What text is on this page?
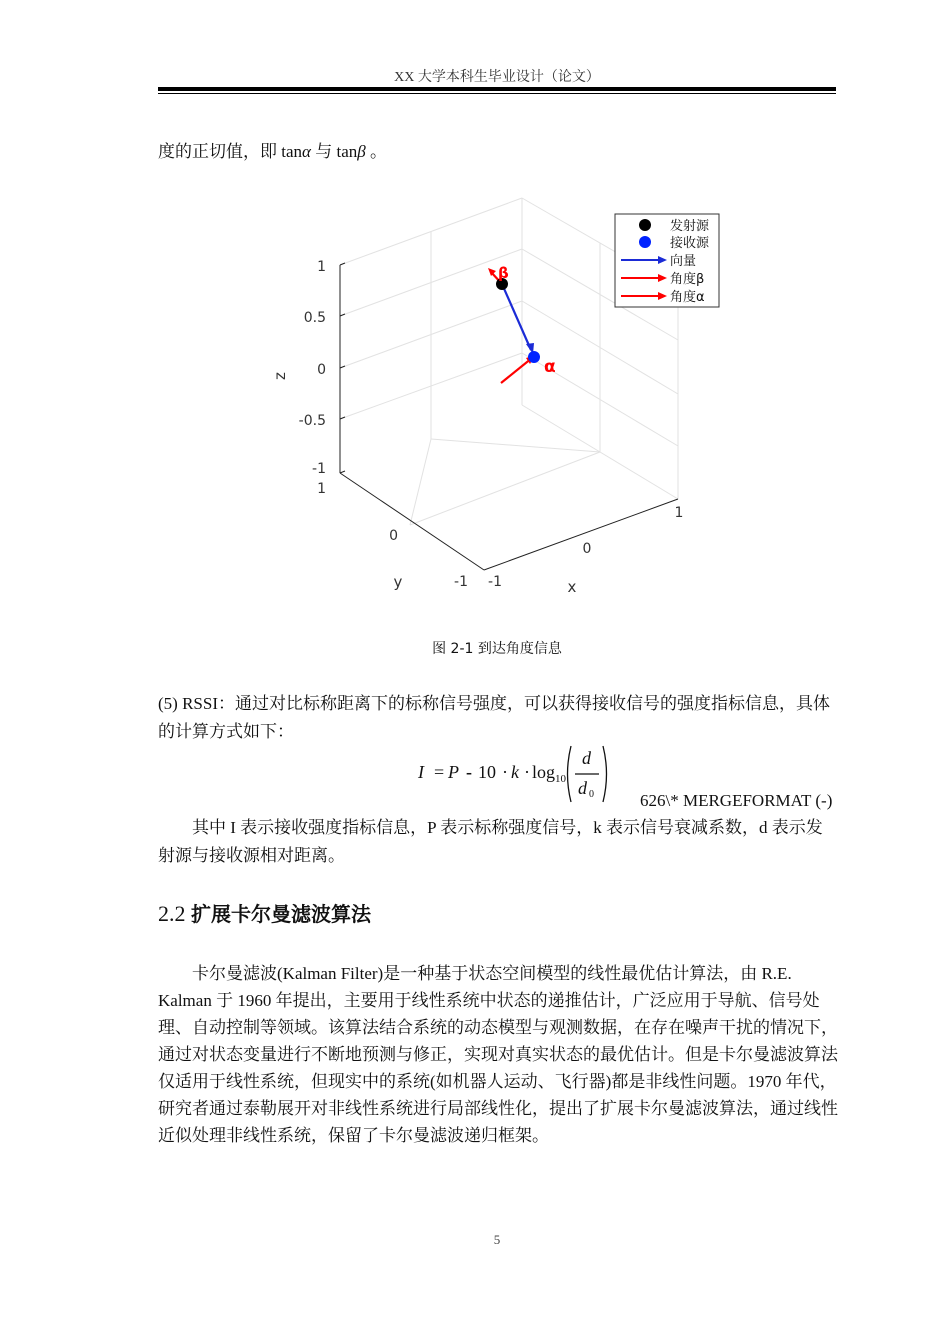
XX 大学本科生毕业设计（论文）
度的正切值，即 tanα 与 tanβ 。
1
0.5
0
-0.5
-1
1
0
-1 -1
0
1
z
y	x
β
α
发射源
接收源
向量
角度β
角度α
图 2-1 到达角度信息
(5) RSSI：通过对比标称距离下的标称信号强度，可以获得接收信号的强度指标信息，具体的计算方式如下：
I = P - 10 · k · log 10
d
d 0	626\* MERGEFORMAT (-)
其中 I 表示接收强度指标信息，P 表示标称强度信号，k 表示信号衰减系数，d 表示发射源与接收源相对距离。
2.2 扩展卡尔曼滤波算法
卡尔曼滤波(Kalman Filter)是一种基于状态空间模型的线性最优估计算法，由 R.E. Kalman 于 1960 年提出，主要用于线性系统中状态的递推估计，广泛应用于导航、信号处理、自动控制等领域。该算法结合系统的动态模型与观测数据，在存在噪声干扰的情况下，通过对状态变量进行不断地预测与修正，实现对真实状态的最优估计。但是卡尔曼滤波算法仅适用于线性系统，但现实中的系统(如机器人运动、飞行器)都是非线性问题。1970 年代，研究者通过泰勒展开对非线性系统进行局部线性化，提出了扩展卡尔曼滤波算法，通过线性近似处理非线性系统，保留了卡尔曼滤波递归框架。
5
